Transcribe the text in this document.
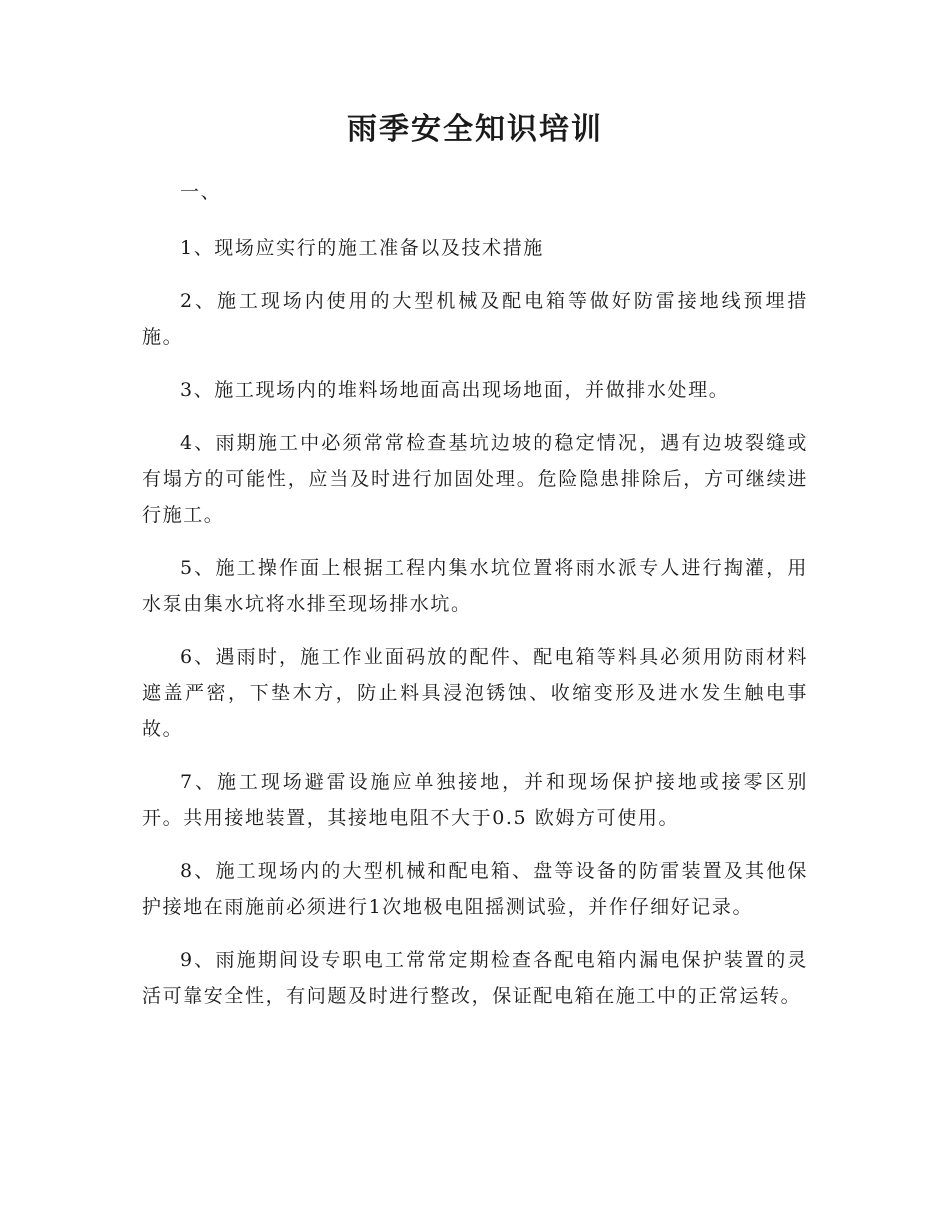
雨季安全知识培训

一、

1、现场应实行的施工准备以及技术措施

2、施工现场内使用的大型机械及配电箱等做好防雷接地线预埋措施。

3、施工现场内的堆料场地面高出现场地面，并做排水处理。

4、雨期施工中必须常常检查基坑边坡的稳定情况，遇有边坡裂缝或有塌方的可能性，应当及时进行加固处理。危险隐患排除后，方可继续进行施工。

5、施工操作面上根据工程内集水坑位置将雨水派专人进行掏灌，用水泵由集水坑将水排至现场排水坑。

6、遇雨时，施工作业面码放的配件、配电箱等料具必须用防雨材料遮盖严密，下垫木方，防止料具浸泡锈蚀、收缩变形及进水发生触电事故。

7、施工现场避雷设施应单独接地，并和现场保护接地或接零区别开。共用接地装置，其接地电阻不大于0.5 欧姆方可使用。

8、施工现场内的大型机械和配电箱、盘等设备的防雷装置及其他保护接地在雨施前必须进行1次地极电阻摇测试验，并作仔细好记录。

9、雨施期间设专职电工常常定期检查各配电箱内漏电保护装置的灵活可靠安全性，有问题及时进行整改，保证配电箱在施工中的正常运转。
